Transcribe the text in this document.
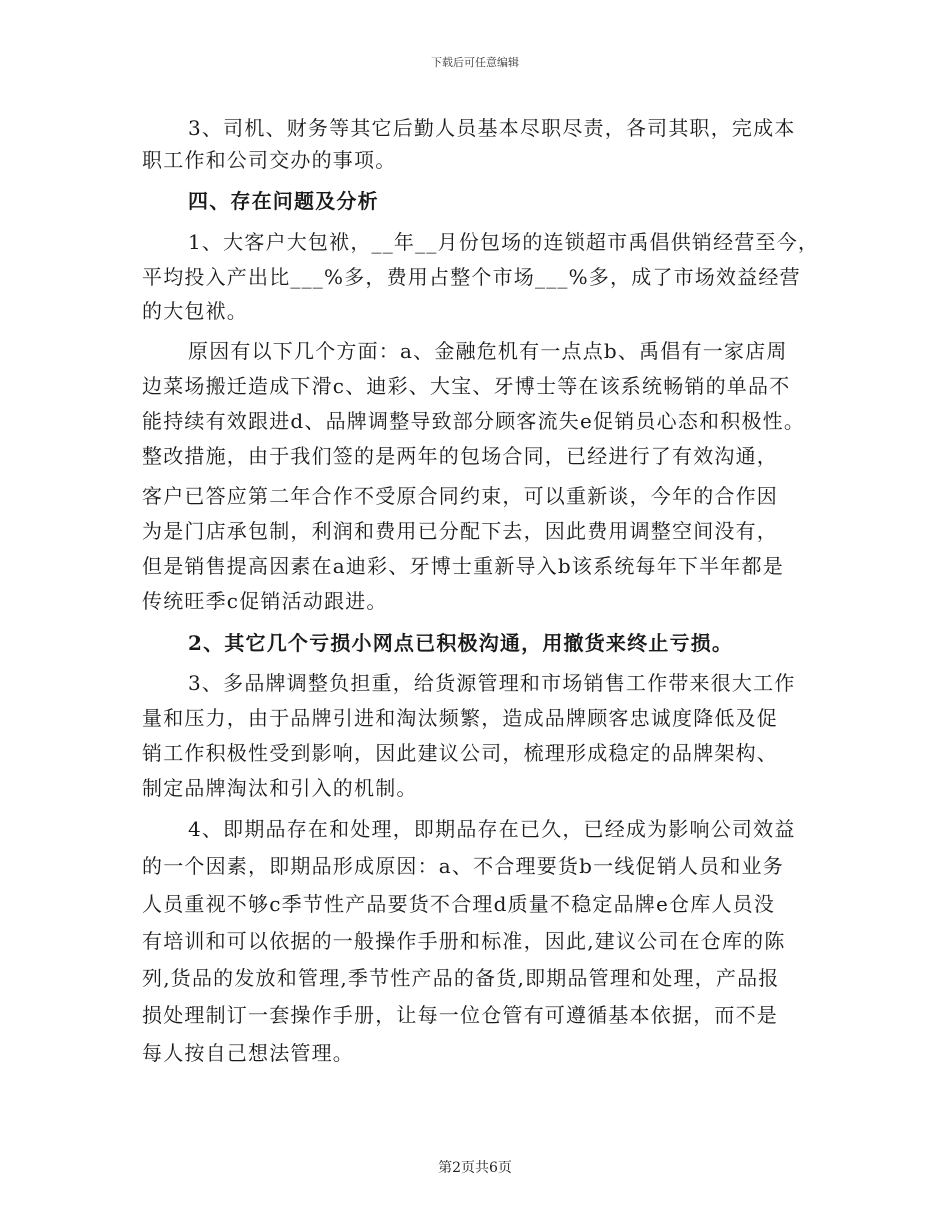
下载后可任意编辑
3、司机、财务等其它后勤人员基本尽职尽责，各司其职，完成本
职工作和公司交办的事项。
四、存在问题及分析
1、大客户大包袱，__年__月份包场的连锁超市禹倡供销经营至今，
平均投入产出比___%多，费用占整个市场___%多，成了市场效益经营
的大包袱。
原因有以下几个方面：a、金融危机有一点点b、禹倡有一家店周
边菜场搬迁造成下滑c、迪彩、大宝、牙博士等在该系统畅销的单品不
能持续有效跟进d、品牌调整导致部分顾客流失e促销员心态和积极性。
整改措施，由于我们签的是两年的包场合同，已经进行了有效沟通，
客户已答应第二年合作不受原合同约束，可以重新谈，今年的合作因
为是门店承包制，利润和费用已分配下去，因此费用调整空间没有，
但是销售提高因素在a迪彩、牙博士重新导入b该系统每年下半年都是
传统旺季c促销活动跟进。
2、其它几个亏损小网点已积极沟通，用撤货来终止亏损。
3、多品牌调整负担重，给货源管理和市场销售工作带来很大工作
量和压力，由于品牌引进和淘汰频繁，造成品牌顾客忠诚度降低及促
销工作积极性受到影响，因此建议公司，梳理形成稳定的品牌架构、
制定品牌淘汰和引入的机制。
4、即期品存在和处理，即期品存在已久，已经成为影响公司效益
的一个因素，即期品形成原因：a、不合理要货b一线促销人员和业务
人员重视不够c季节性产品要货不合理d质量不稳定品牌e仓库人员没
有培训和可以依据的一般操作手册和标准，因此,建议公司在仓库的陈
列,货品的发放和管理,季节性产品的备货,即期品管理和处理，产品报
损处理制订一套操作手册，让每一位仓管有可遵循基本依据，而不是
每人按自己想法管理。
第2页共6页
